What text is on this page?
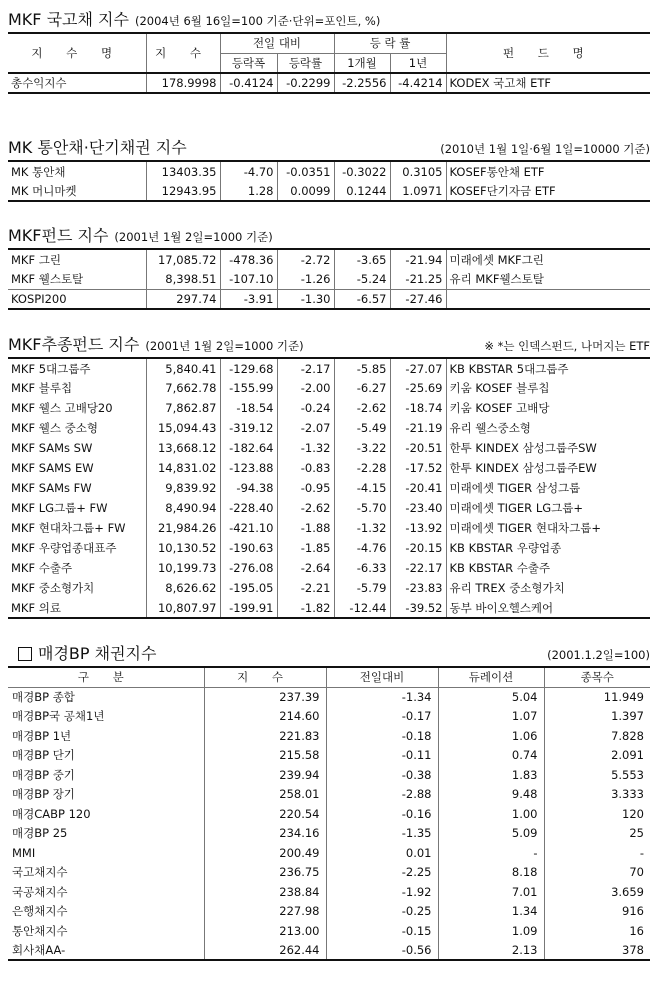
MKF 국고채 지수 (2004년 6월 16일=100 기준·단위=포인트, %)
지 수 명	지 수	전일 대비		등 락 률		펀 드 명
		등락폭	등락률	1개월	1년	
총수익지수	178.9998	-0.4124	-0.2299	-2.2556	-4.4214	KODEX 국고채 ETF
MK 통안채·단기채권 지수	(2010년 1월 1일·6월 1일=10000 기준)
MK 통안채	13403.35	-4.70	-0.0351	-0.3022	0.3105	KOSEF통안채 ETF
MK 머니마켓	12943.95	1.28	0.0099	0.1244	1.0971	KOSEF단기자금 ETF
MKF펀드 지수 (2001년 1월 2일=1000 기준)
MKF 그린	17,085.72	-478.36	-2.72	-3.65	-21.94	미래에셋 MKF그린
MKF 웰스토탈	8,398.51	-107.10	-1.26	-5.24	-21.25	유리 MKF웰스토탈
KOSPI200	297.74	-3.91	-1.30	-6.57	-27.46	
MKF추종펀드 지수 (2001년 1월 2일=1000 기준)	※ *는 인덱스펀드, 나머지는 ETF
MKF 5대그룹주	5,840.41	-129.68	-2.17	-5.85	-27.07	KB KBSTAR 5대그룹주
MKF 블루칩	7,662.78	-155.99	-2.00	-6.27	-25.69	키움 KOSEF 블루칩
MKF 웰스 고배당20	7,862.87	-18.54	-0.24	-2.62	-18.74	키움 KOSEF 고배당
MKF 웰스 중소형	15,094.43	-319.12	-2.07	-5.49	-21.19	유리 웰스중소형
MKF SAMs SW	13,668.12	-182.64	-1.32	-3.22	-20.51	한투 KINDEX 삼성그룹주SW
MKF SAMS EW	14,831.02	-123.88	-0.83	-2.28	-17.52	한투 KINDEX 삼성그룹주EW
MKF SAMs FW	9,839.92	-94.38	-0.95	-4.15	-20.41	미래에셋 TIGER 삼성그룹
MKF LG그룹+ FW	8,490.94	-228.40	-2.62	-5.70	-23.40	미래에셋 TIGER LG그룹+
MKF 현대차그룹+ FW	21,984.26	-421.10	-1.88	-1.32	-13.92	미래에셋 TIGER 현대차그룹+
MKF 우량업종대표주	10,130.52	-190.63	-1.85	-4.76	-20.15	KB KBSTAR 우량업종
MKF 수출주	10,199.73	-276.08	-2.64	-6.33	-22.17	KB KBSTAR 수출주
MKF 중소형가치	8,626.62	-195.05	-2.21	-5.79	-23.83	유리 TREX 중소형가치
MKF 의료	10,807.97	-199.91	-1.82	-12.44	-39.52	동부 바이오헬스케어
매경BP 채권지수	(2001.1.2일=100)
구 분	지 수	전일대비	듀레이션	종목수
매경BP 종합	237.39	-1.34	5.04	11.949
매경BP국 공채1년	214.60	-0.17	1.07	1.397
매경BP 1년	221.83	-0.18	1.06	7.828
매경BP 단기	215.58	-0.11	0.74	2.091
매경BP 중기	239.94	-0.38	1.83	5.553
매경BP 장기	258.01	-2.88	9.48	3.333
매경CABP 120	220.54	-0.16	1.00	120
매경BP 25	234.16	-1.35	5.09	25
MMI	200.49	0.01	-	-
국고채지수	236.75	-2.25	8.18	70
국공채지수	238.84	-1.92	7.01	3.659
은행채지수	227.98	-0.25	1.34	916
통안채지수	213.00	-0.15	1.09	16
회사채AA-	262.44	-0.56	2.13	378
